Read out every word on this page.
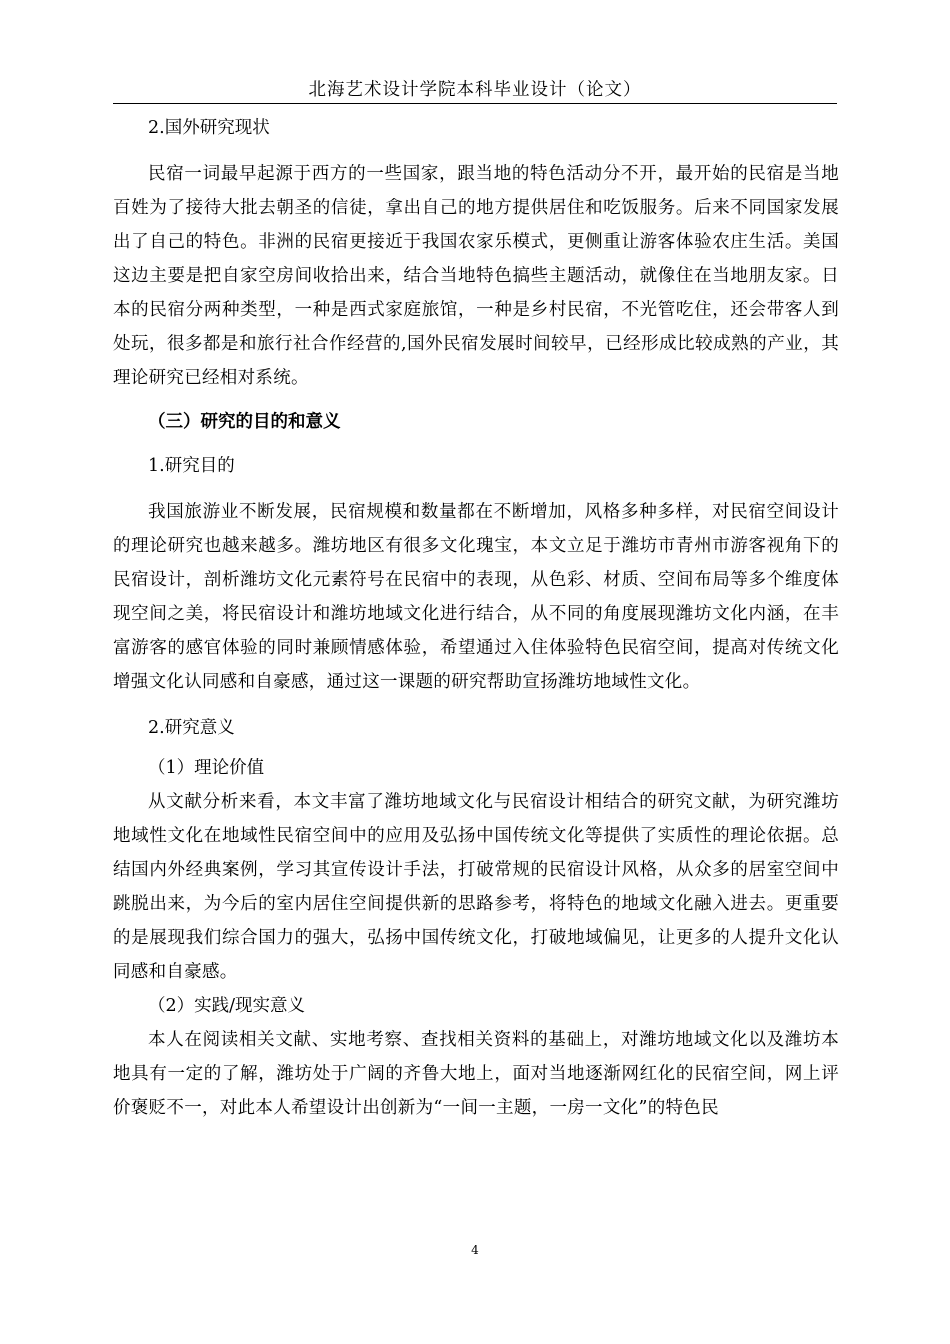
北海艺术设计学院本科毕业设计（论文）

2.国外研究现状

民宿一词最早起源于西方的一些国家，跟当地的特色活动分不开，最开始的民宿是当地百姓为了接待大批去朝圣的信徒，拿出自己的地方提供居住和吃饭服务。后来不同国家发展出了自己的特色。非洲的民宿更接近于我国农家乐模式，更侧重让游客体验农庄生活。美国这边主要是把自家空房间收拾出来，结合当地特色搞些主题活动，就像住在当地朋友家。日本的民宿分两种类型，一种是西式家庭旅馆，一种是乡村民宿，不光管吃住，还会带客人到处玩，很多都是和旅行社合作经营的,国外民宿发展时间较早，已经形成比较成熟的产业，其理论研究已经相对系统。

（三）研究的目的和意义

1.研究目的

我国旅游业不断发展，民宿规模和数量都在不断增加，风格多种多样，对民宿空间设计的理论研究也越来越多。潍坊地区有很多文化瑰宝，本文立足于潍坊市青州市游客视角下的民宿设计，剖析潍坊文化元素符号在民宿中的表现，从色彩、材质、空间布局等多个维度体现空间之美，将民宿设计和潍坊地域文化进行结合，从不同的角度展现潍坊文化内涵，在丰富游客的感官体验的同时兼顾情感体验，希望通过入住体验特色民宿空间，提高对传统文化增强文化认同感和自豪感，通过这一课题的研究帮助宣扬潍坊地域性文化。

2.研究意义

（1）理论价值

从文献分析来看，本文丰富了潍坊地域文化与民宿设计相结合的研究文献，为研究潍坊地域性文化在地域性民宿空间中的应用及弘扬中国传统文化等提供了实质性的理论依据。总结国内外经典案例，学习其宣传设计手法，打破常规的民宿设计风格，从众多的居室空间中跳脱出来，为今后的室内居住空间提供新的思路参考，将特色的地域文化融入进去。更重要的是展现我们综合国力的强大，弘扬中国传统文化，打破地域偏见，让更多的人提升文化认同感和自豪感。

（2）实践/现实意义

本人在阅读相关文献、实地考察、查找相关资料的基础上，对潍坊地域文化以及潍坊本地具有一定的了解，潍坊处于广阔的齐鲁大地上，面对当地逐渐网红化的民宿空间，网上评价褒贬不一，对此本人希望设计出创新为“一间一主题，一房一文化”的特色民

4
